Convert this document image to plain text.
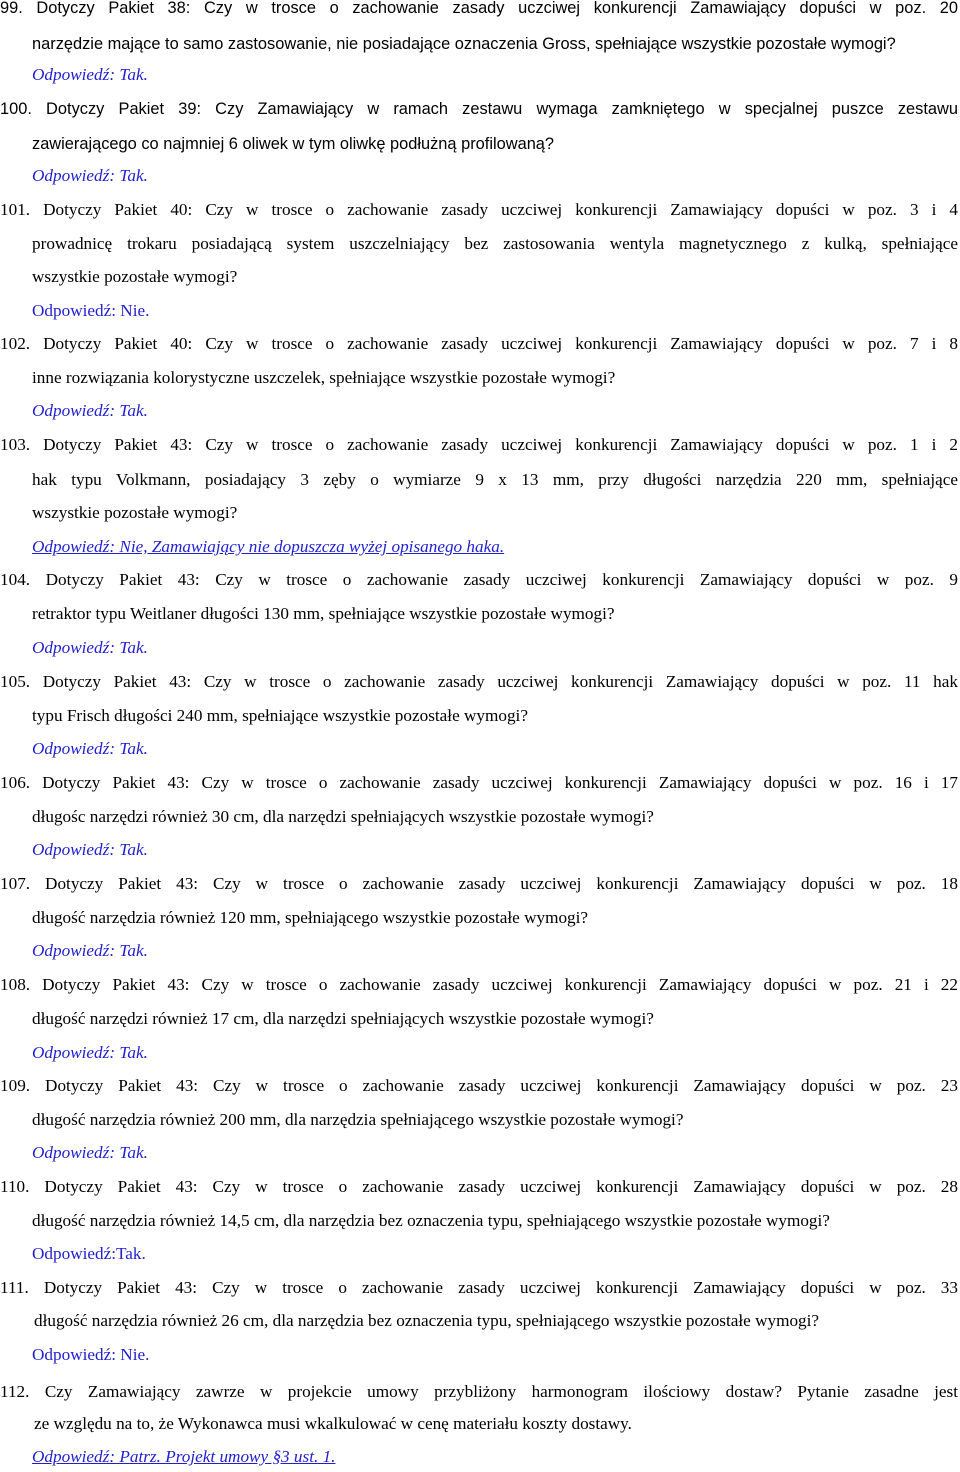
99. Dotyczy Pakiet 38: Czy w trosce o zachowanie zasady uczciwej konkurencji Zamawiający dopuści w poz. 20
narzędzie mające to samo zastosowanie, nie posiadające oznaczenia Gross, spełniające wszystkie pozostałe wymogi?
Odpowiedź: Tak.
100. Dotyczy Pakiet 39: Czy Zamawiający w ramach zestawu wymaga zamkniętego w specjalnej puszce zestawu
zawierającego co najmniej 6 oliwek w tym oliwkę podłużną profilowaną?
Odpowiedź: Tak.
101. Dotyczy Pakiet 40: Czy w trosce o zachowanie zasady uczciwej konkurencji Zamawiający dopuści w poz. 3 i 4
prowadnicę trokaru posiadającą system uszczelniający bez zastosowania wentyla magnetycznego z kulką, spełniające
wszystkie pozostałe wymogi?
Odpowiedź: Nie.
102. Dotyczy Pakiet 40: Czy w trosce o zachowanie zasady uczciwej konkurencji Zamawiający dopuści w poz. 7 i 8
inne rozwiązania kolorystyczne uszczelek, spełniające wszystkie pozostałe wymogi?
Odpowiedź: Tak.
103. Dotyczy Pakiet 43: Czy w trosce o zachowanie zasady uczciwej konkurencji Zamawiający dopuści w poz. 1 i 2
hak typu Volkmann, posiadający 3 zęby o wymiarze 9 x 13 mm, przy długości narzędzia 220 mm, spełniające
wszystkie pozostałe wymogi?
Odpowiedź: Nie, Zamawiający nie dopuszcza wyżej opisanego haka.
104. Dotyczy Pakiet 43: Czy w trosce o zachowanie zasady uczciwej konkurencji Zamawiający dopuści w poz. 9
retraktor typu Weitlaner długości 130 mm, spełniające wszystkie pozostałe wymogi?
Odpowiedź: Tak.
105. Dotyczy Pakiet 43: Czy w trosce o zachowanie zasady uczciwej konkurencji Zamawiający dopuści w poz. 11 hak
typu Frisch długości 240 mm, spełniające wszystkie pozostałe wymogi?
Odpowiedź: Tak.
106. Dotyczy Pakiet 43: Czy w trosce o zachowanie zasady uczciwej konkurencji Zamawiający dopuści w poz. 16 i 17
długośc narzędzi również 30 cm, dla narzędzi spełniających wszystkie pozostałe wymogi?
Odpowiedź: Tak.
107. Dotyczy Pakiet 43: Czy w trosce o zachowanie zasady uczciwej konkurencji Zamawiający dopuści w poz. 18
długość narzędzia również 120 mm, spełniającego wszystkie pozostałe wymogi?
Odpowiedź: Tak.
108. Dotyczy Pakiet 43: Czy w trosce o zachowanie zasady uczciwej konkurencji Zamawiający dopuści w poz. 21 i 22
długość narzędzi również 17 cm, dla narzędzi spełniających wszystkie pozostałe wymogi?
Odpowiedź: Tak.
109. Dotyczy Pakiet 43: Czy w trosce o zachowanie zasady uczciwej konkurencji Zamawiający dopuści w poz. 23
długość narzędzia również 200 mm, dla narzędzia spełniającego wszystkie pozostałe wymogi?
Odpowiedź: Tak.
110. Dotyczy Pakiet 43: Czy w trosce o zachowanie zasady uczciwej konkurencji Zamawiający dopuści w poz. 28
długość narzędzia również 14,5 cm, dla narzędzia bez oznaczenia typu, spełniającego wszystkie pozostałe wymogi?
Odpowiedź:Tak.
111. Dotyczy Pakiet 43: Czy w trosce o zachowanie zasady uczciwej konkurencji Zamawiający dopuści w poz. 33
długość narzędzia również 26 cm, dla narzędzia bez oznaczenia typu, spełniającego wszystkie pozostałe wymogi?
Odpowiedź: Nie.
112. Czy Zamawiający zawrze w projekcie umowy przybliżony harmonogram ilościowy dostaw? Pytanie zasadne jest
ze względu na to, że Wykonawca musi wkalkulować w cenę materiału koszty dostawy.
Odpowiedź: Patrz. Projekt umowy §3 ust. 1.
